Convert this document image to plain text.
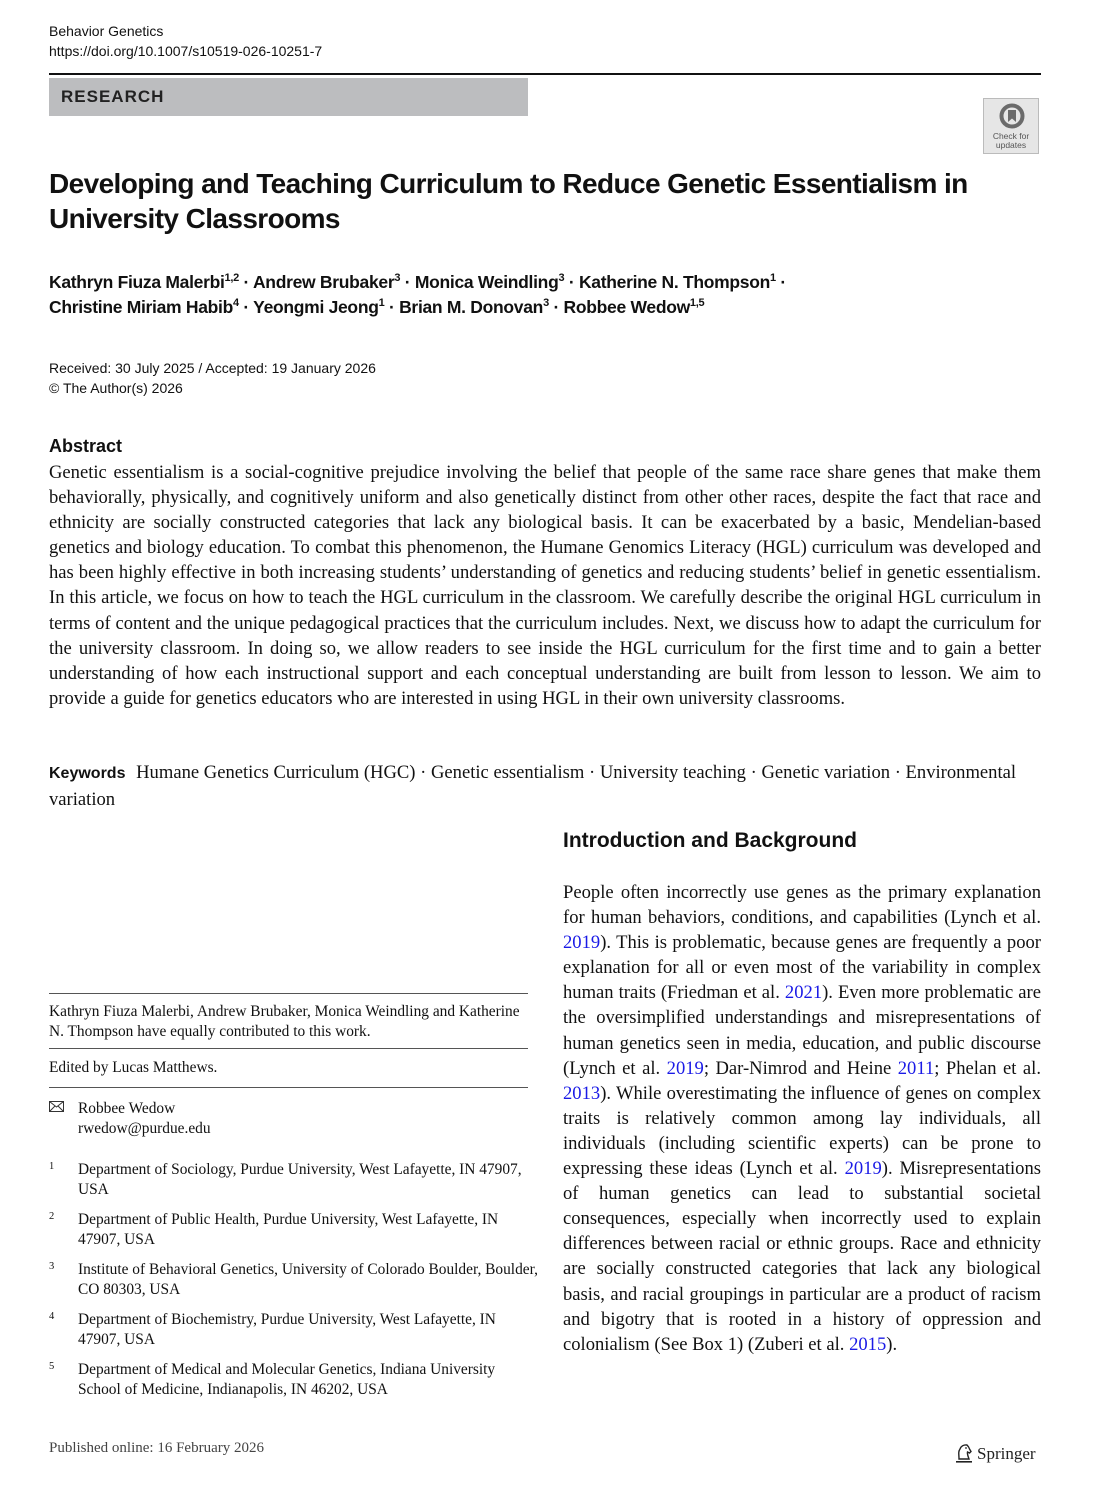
Behavior Genetics
https://doi.org/10.1007/s10519-026-10251-7
RESEARCH
Check for
updates
Developing and Teaching Curriculum to Reduce Genetic Essentialism in University Classrooms
Kathryn Fiuza Malerbi$^{1,2}$ · Andrew Brubaker$^3$ · Monica Weindling$^3$ · Katherine N. Thompson$^1$ ·
Christine Miriam Habib$^4$ · Yeongmi Jeong$^1$ · Brian M. Donovan$^3$ · Robbee Wedow$^{1,5}$
Received: 30 July 2025 / Accepted: 19 January 2026
© The Author(s) 2026
Abstract
Genetic essentialism is a social-cognitive prejudice involving the belief that people of the same race share genes that make them behaviorally, physically, and cognitively uniform and also genetically distinct from other other races, despite the fact that race and ethnicity are socially constructed categories that lack any biological basis. It can be exacerbated by a basic, Mendelian-based genetics and biology education. To combat this phenomenon, the Humane Genomics Literacy (HGL) curriculum was developed and has been highly effective in both increasing students’ understanding of genetics and reducing students’ belief in genetic essentialism. In this article, we focus on how to teach the HGL curriculum in the classroom. We carefully describe the original HGL curriculum in terms of content and the unique pedagogical practices that the curriculum includes. Next, we discuss how to adapt the curriculum for the university classroom. In doing so, we allow readers to see inside the HGL curriculum for the first time and to gain a better understanding of how each instructional support and each conceptual understanding are built from lesson to lesson. We aim to provide a guide for genetics educators who are interested in using HGL in their own university classrooms.
Keywords Humane Genetics Curriculum (HGC) · Genetic essentialism · University teaching · Genetic variation · Environmental variation
Introduction and Background
People often incorrectly use genes as the primary explanation for human behaviors, conditions, and capabilities (Lynch et al. 2019). This is problematic, because genes are frequently a poor explanation for all or even most of the variability in complex human traits (Friedman et al. 2021). Even more problematic are the oversimplified understandings and misrepresentations of human genetics seen in media, education, and public discourse (Lynch et al. 2019; Dar-Nimrod and Heine 2011; Phelan et al. 2013). While overestimating the influence of genes on complex traits is relatively common among lay individuals, all individuals (including scientific experts) can be prone to expressing these ideas (Lynch et al. 2019). Misrepresentations of human genetics can lead to substantial societal consequences, especially when incorrectly used to explain differences between racial or ethnic groups. Race and ethnicity are socially constructed categories that lack any biological basis, and racial groupings in particular are a product of racism and bigotry that is rooted in a history of oppression and colonialism (See Box 1) (Zuberi et al. 2015).
Kathryn Fiuza Malerbi, Andrew Brubaker, Monica Weindling and Katherine N. Thompson have equally contributed to this work.
Edited by Lucas Matthews.
Robbee Wedow
rwedow@purdue.edu
1 Department of Sociology, Purdue University, West Lafayette, IN 47907, USA
2 Department of Public Health, Purdue University, West Lafayette, IN 47907, USA
3 Institute of Behavioral Genetics, University of Colorado Boulder, Boulder, CO 80303, USA
4 Department of Biochemistry, Purdue University, West Lafayette, IN 47907, USA
5 Department of Medical and Molecular Genetics, Indiana University School of Medicine, Indianapolis, IN 46202, USA
Published online: 16 February 2026	Springer
